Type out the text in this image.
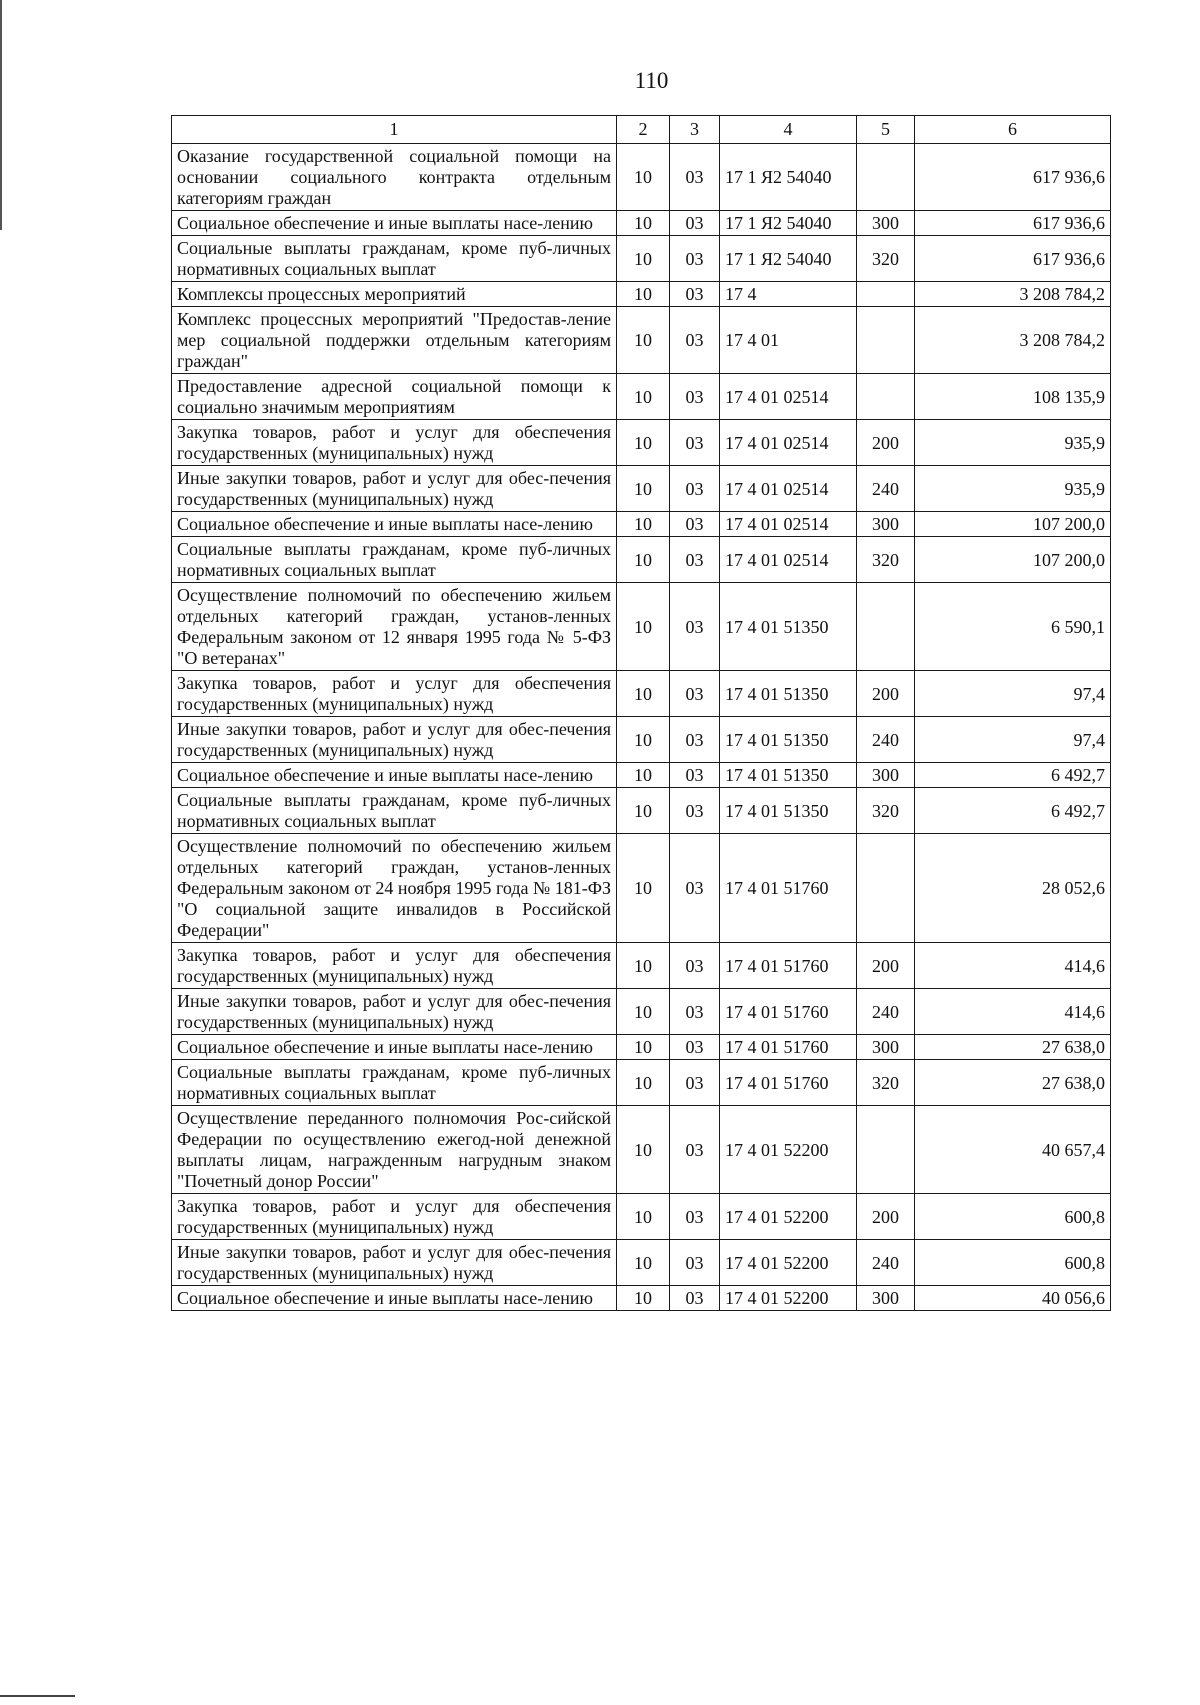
110
1	2	3	4	5	6
Оказание государственной социальной помощи на основании социального контракта отдельным категориям граждан	10	03	17 1 Я2 54040		617 936,6
Социальное обеспечение и иные выплаты насе-лению	10	03	17 1 Я2 54040	300	617 936,6
Социальные выплаты гражданам, кроме пуб-личных нормативных социальных выплат	10	03	17 1 Я2 54040	320	617 936,6
Комплексы процессных мероприятий	10	03	17 4		3 208 784,2
Комплекс процессных мероприятий "Предостав-ление мер социальной поддержки отдельным категориям граждан"	10	03	17 4 01		3 208 784,2
Предоставление адресной социальной помощи к социально значимым мероприятиям	10	03	17 4 01 02514		108 135,9
Закупка товаров, работ и услуг для обеспечения государственных (муниципальных) нужд	10	03	17 4 01 02514	200	935,9
Иные закупки товаров, работ и услуг для обес-печения государственных (муниципальных) нужд	10	03	17 4 01 02514	240	935,9
Социальное обеспечение и иные выплаты насе-лению	10	03	17 4 01 02514	300	107 200,0
Социальные выплаты гражданам, кроме пуб-личных нормативных социальных выплат	10	03	17 4 01 02514	320	107 200,0
Осуществление полномочий по обеспечению жильем отдельных категорий граждан, установ-ленных Федеральным законом от 12 января 1995 года № 5-ФЗ "О ветеранах"	10	03	17 4 01 51350		6 590,1
Закупка товаров, работ и услуг для обеспечения государственных (муниципальных) нужд	10	03	17 4 01 51350	200	97,4
Иные закупки товаров, работ и услуг для обес-печения государственных (муниципальных) нужд	10	03	17 4 01 51350	240	97,4
Социальное обеспечение и иные выплаты насе-лению	10	03	17 4 01 51350	300	6 492,7
Социальные выплаты гражданам, кроме пуб-личных нормативных социальных выплат	10	03	17 4 01 51350	320	6 492,7
Осуществление полномочий по обеспечению жильем отдельных категорий граждан, установ-ленных Федеральным законом от 24 ноября 1995 года № 181-ФЗ "О социальной защите инвалидов в Российской Федерации"	10	03	17 4 01 51760		28 052,6
Закупка товаров, работ и услуг для обеспечения государственных (муниципальных) нужд	10	03	17 4 01 51760	200	414,6
Иные закупки товаров, работ и услуг для обес-печения государственных (муниципальных) нужд	10	03	17 4 01 51760	240	414,6
Социальное обеспечение и иные выплаты насе-лению	10	03	17 4 01 51760	300	27 638,0
Социальные выплаты гражданам, кроме пуб-личных нормативных социальных выплат	10	03	17 4 01 51760	320	27 638,0
Осуществление переданного полномочия Рос-сийской Федерации по осуществлению ежегод-ной денежной выплаты лицам, награжденным нагрудным знаком "Почетный донор России"	10	03	17 4 01 52200		40 657,4
Закупка товаров, работ и услуг для обеспечения государственных (муниципальных) нужд	10	03	17 4 01 52200	200	600,8
Иные закупки товаров, работ и услуг для обес-печения государственных (муниципальных) нужд	10	03	17 4 01 52200	240	600,8
Социальное обеспечение и иные выплаты насе-лению	10	03	17 4 01 52200	300	40 056,6
